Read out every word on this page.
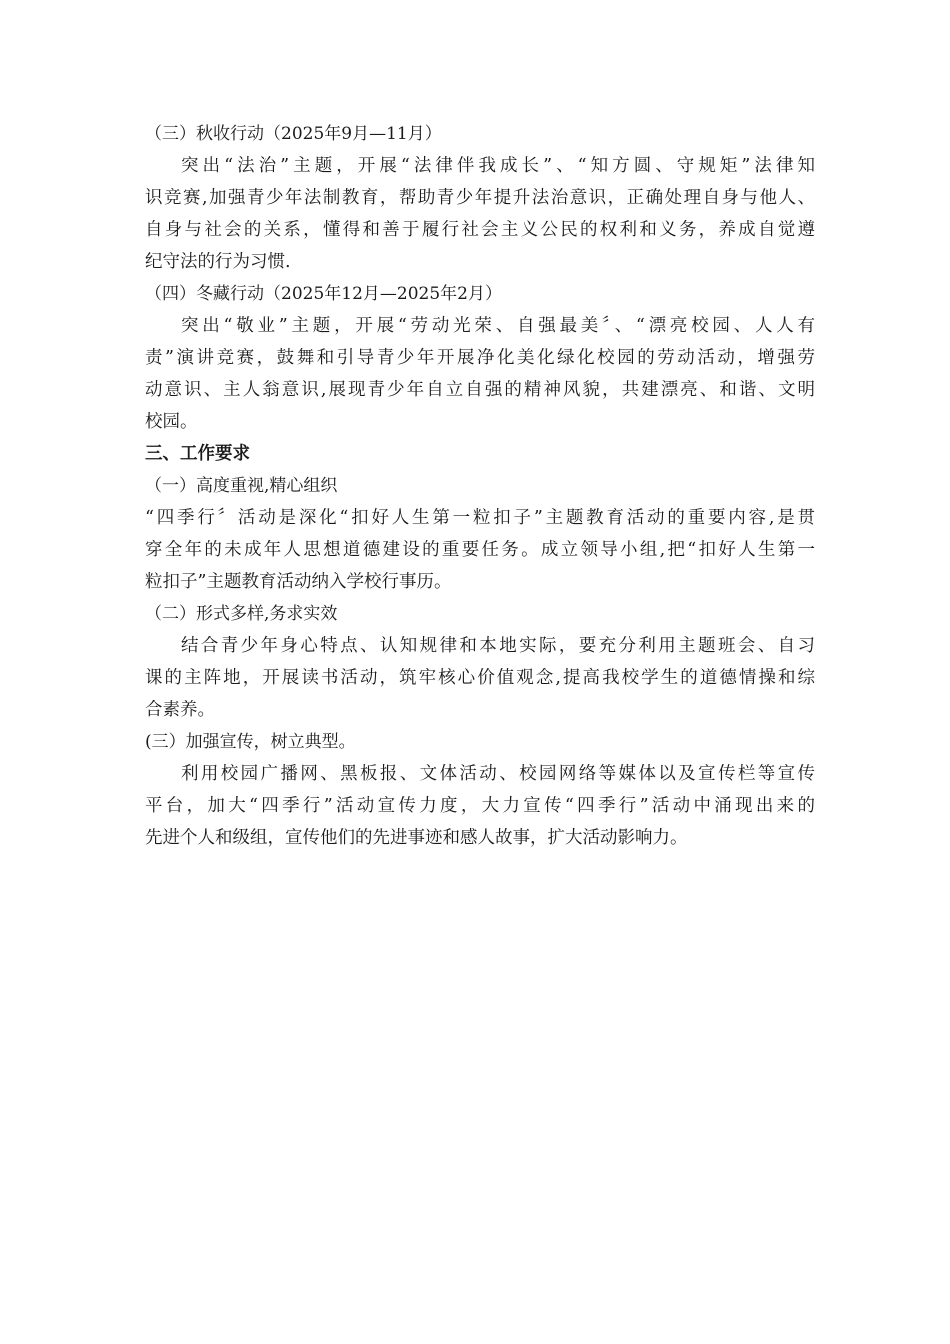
（三）秋收行动（2025年9月—11月）
突出“法治”主题，开展“法律伴我成长”、“知方圆、守规矩”法律知
识竞赛,加强青少年法制教育，帮助青少年提升法治意识，正确处理自身与他人、
自身与社会的关系，懂得和善于履行社会主义公民的权利和义务，养成自觉遵
纪守法的行为习惯.
（四）冬藏行动（2025年12月—2025年2月）
突出“敬业”主题，开展“劳动光荣、自强最美〞、“漂亮校园、人人有
责”演讲竞赛，鼓舞和引导青少年开展净化美化绿化校园的劳动活动，增强劳
动意识、主人翁意识,展现青少年自立自强的精神风貌，共建漂亮、和谐、文明
校园。
三、工作要求
（一）高度重视,精心组织
“四季行〞活动是深化“扣好人生第一粒扣子”主题教育活动的重要内容,是贯
穿全年的未成年人思想道德建设的重要任务。成立领导小组,把“扣好人生第一
粒扣子”主题教育活动纳入学校行事历。
（二）形式多样,务求实效
结合青少年身心特点、认知规律和本地实际，要充分利用主题班会、自习
课的主阵地，开展读书活动，筑牢核心价值观念,提高我校学生的道德情操和综
合素养。
(三）加强宣传，树立典型。
利用校园广播网、黑板报、文体活动、校园网络等媒体以及宣传栏等宣传
平台，加大“四季行”活动宣传力度，大力宣传“四季行”活动中涌现出来的
先进个人和级组，宣传他们的先进事迹和感人故事，扩大活动影响力。
